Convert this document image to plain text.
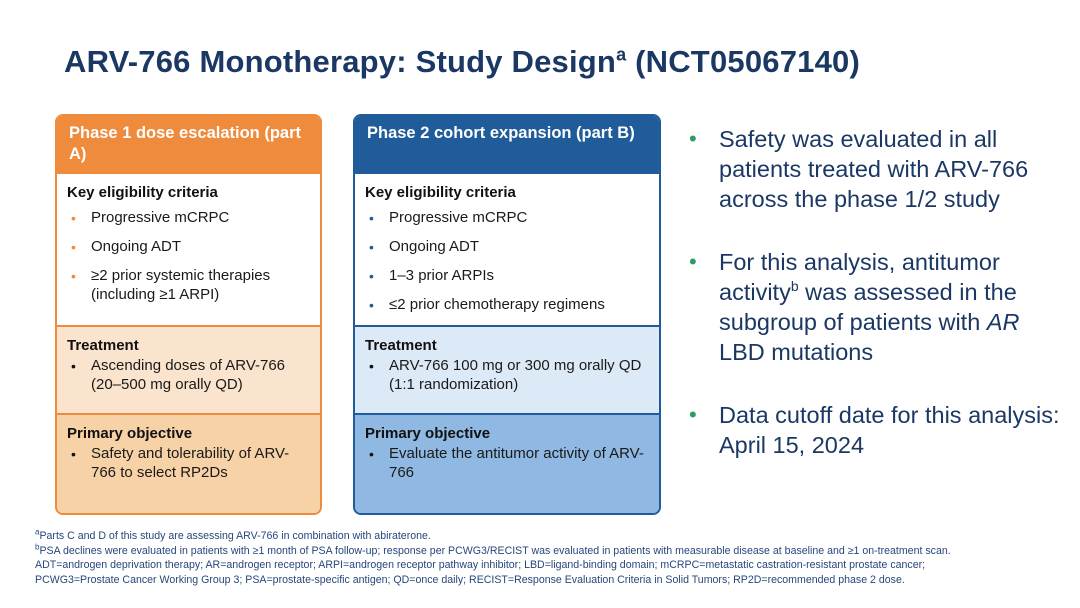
ARV-766 Monotherapy: Study Design$^a$ (NCT05067140)
Phase 1 dose escalation (part A)
Key eligibility criteria
•	Progressive mCRPC
•	Ongoing ADT
•	≥2 prior systemic therapies (including ≥1 ARPI)
Treatment
•	Ascending doses of ARV-766 (20–500 mg orally QD)
Primary objective
•	Safety and tolerability of ARV-766 to select RP2Ds
Phase 2 cohort expansion (part B)
Key eligibility criteria
•	Progressive mCRPC
•	Ongoing ADT
•	1–3 prior ARPIs
•	≤2 prior chemotherapy regimens
Treatment
•	ARV-766 100 mg or 300 mg orally QD (1:1 randomization)
Primary objective
•	Evaluate the antitumor activity of ARV-766
• Safety was evaluated in all patients treated with ARV-766 across the phase 1/2 study
• For this analysis, antitumor activity$^b$ was assessed in the subgroup of patients with AR LBD mutations
• Data cutoff date for this analysis: April 15, 2024
$^a$Parts C and D of this study are assessing ARV-766 in combination with abiraterone.
$^b$PSA declines were evaluated in patients with ≥1 month of PSA follow-up; response per PCWG3/RECIST was evaluated in patients with measurable disease at baseline and ≥1 on-treatment scan.
ADT=androgen deprivation therapy; AR=androgen receptor; ARPI=androgen receptor pathway inhibitor; LBD=ligand-binding domain; mCRPC=metastatic castration-resistant prostate cancer;
PCWG3=Prostate Cancer Working Group 3; PSA=prostate-specific antigen; QD=once daily; RECIST=Response Evaluation Criteria in Solid Tumors; RP2D=recommended phase 2 dose.
